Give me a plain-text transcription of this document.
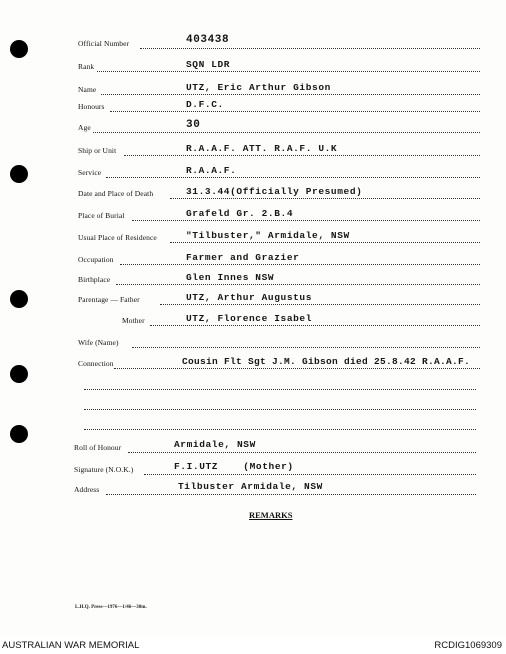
Official Number	403438
Rank	SQN LDR
Name	UTZ, Eric Arthur Gibson
Honours	D.F.C.
Age	30
Ship or Unit	R.A.A.F. ATT. R.A.F. U.K
Service	R.A.A.F.
Date and Place of Death	31.3.44(Officially Presumed)
Place of Burial	Grafeld Gr. 2.B.4
Usual Place of Residence	"Tilbuster," Armidale, NSW
Occupation	Farmer and Grazier
Birthplace	Glen Innes NSW
Parentage — Father	UTZ, Arthur Augustus
Mother	UTZ, Florence Isabel
Wife (Name)
Connection	Cousin Flt Sgt J.M. Gibson died 25.8.42 R.A.A.F.
Roll of Honour	Armidale, NSW
Signature (N.O.K.)	F.I.UTZ    (Mother)
Address	Tilbuster Armidale, NSW
REMARKS
L.H.Q. Press—1976—1/46—30m.
AUSTRALIAN WAR MEMORIAL	RCDIG1069309
